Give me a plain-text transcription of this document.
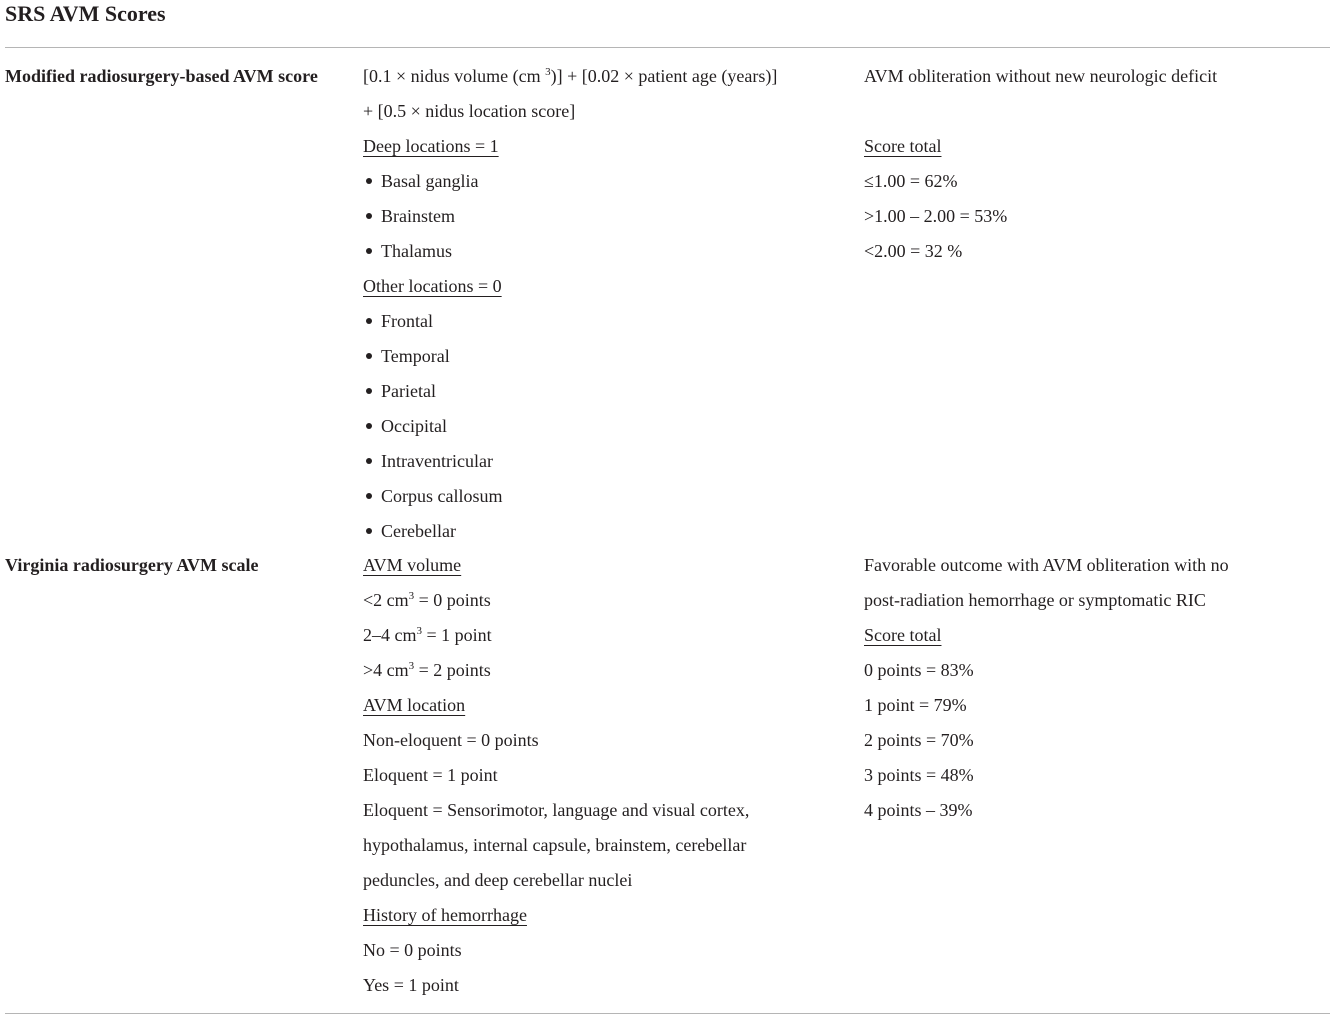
SRS AVM Scores
Modified radiosurgery-based AVM score	[0.1 × nidus volume (cm $^3$)] + [0.02 × patient age (years)]
+ [0.5 × nidus location score]
Deep locations = 1
Basal ganglia
Brainstem
Thalamus
Other locations = 0
Frontal
Temporal
Parietal
Occipital
Intraventricular
Corpus callosum
Cerebellar
AVM obliteration without new neurologic deficit

Score total
≤1.00 = 62%
>1.00 – 2.00 = 53%
<2.00 = 32 %
Virginia radiosurgery AVM scale	AVM volume
<2 $cm^3 = 0$ points
2–4 $cm^3 = 1$ point
>4 $cm^3 = 2$ points
AVM location
Non-eloquent = 0 points
Eloquent = 1 point
Eloquent = Sensorimotor, language and visual cortex, hypothalamus, internal capsule, brainstem, cerebellar peduncles, and deep cerebellar nuclei
History of hemorrhage
No = 0 points
Yes = 1 point
Favorable outcome with AVM obliteration with no post-radiation hemorrhage or symptomatic RIC
Score total
0 points = 83%
1 point = 79%
2 points = 70%
3 points = 48%
4 points – 39%
